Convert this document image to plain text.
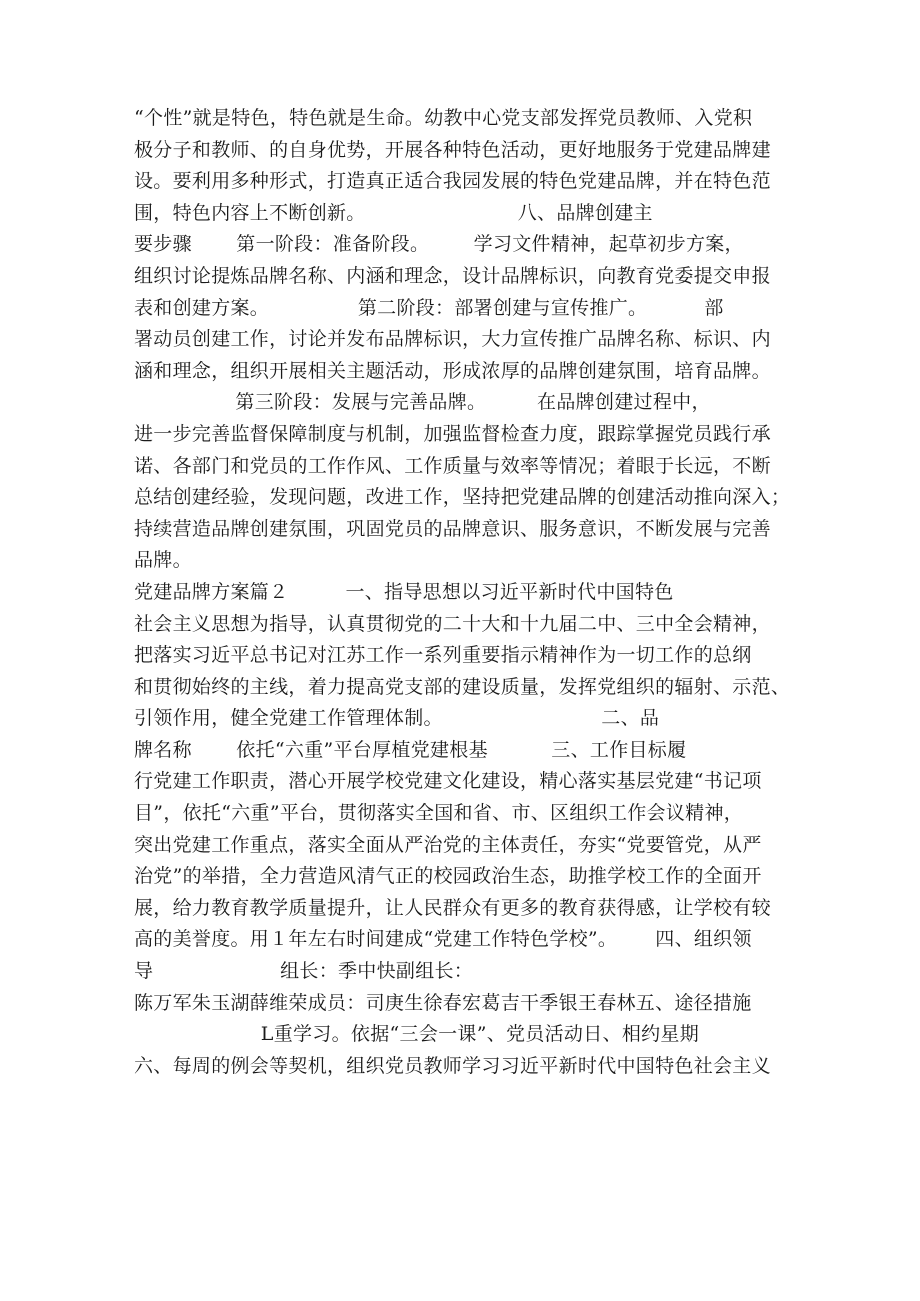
“个性”就是特色，特色就是生命。幼教中心党支部发挥党员教师、入党积
极分子和教师、的自身优势，开展各种特色活动，更好地服务于党建品牌建
设。要利用多种形式，打造真正适合我园发展的特色党建品牌，并在特色范
围，特色内容上不断创新。                        八、品牌创建主
要步骤       第一阶段：准备阶段。       学习文件精神，起草初步方案，
组织讨论提炼品牌名称、内涵和理念，设计品牌标识，向教育党委提交申报
表和创建方案。              第二阶段：部署创建与宣传推广。         部
署动员创建工作，讨论并发布品牌标识，大力宣传推广品牌名称、标识、内
涵和理念，组织开展相关主题活动，形成浓厚的品牌创建氛围，培育品牌。
第三阶段：发展与完善品牌。        在品牌创建过程中，
进一步完善监督保障制度与机制，加强监督检查力度，跟踪掌握党员践行承
诺、各部门和党员的工作作风、工作质量与效率等情况；着眼于长远，不断
总结创建经验，发现问题，改进工作，坚持把党建品牌的创建活动推向深入；
持续营造品牌创建氛围，巩固党员的品牌意识、服务意识，不断发展与完善
品牌。
党建品牌方案篇２         一、指导思想以习近平新时代中国特色
社会主义思想为指导，认真贯彻党的二十大和十九届二中、三中全会精神，
把落实习近平总书记对江苏工作一系列重要指示精神作为一切工作的总纲
和贯彻始终的主线，着力提高党支部的建设质量，发挥党组织的辐射、示范、
引领作用，健全党建工作管理体制。                         二、品
牌名称       依托“六重”平台厚植党建根基          三、工作目标履
行党建工作职责，潜心开展学校党建文化建设，精心落实基层党建“书记项
目”，依托“六重”平台，贯彻落实全国和省、市、区组织工作会议精神，
突出党建工作重点，落实全面从严治党的主体责任，夯实“党要管党，从严
治党”的举措，全力营造风清气正的校园政治生态，助推学校工作的全面开
展，给力教育教学质量提升，让人民群众有更多的教育获得感，让学校有较
高的美誉度。用１年左右时间建成“党建工作特色学校”。      四、组织领
导                    组长：季中快副组长：
陈万军朱玉湖薛维荣成员：司庚生徐春宏葛吉干季银王春林五、途径措施
L重学习。依据“三会一课”、党员活动日、相约星期
六、每周的例会等契机，组织党员教师学习习近平新时代中国特色社会主义
